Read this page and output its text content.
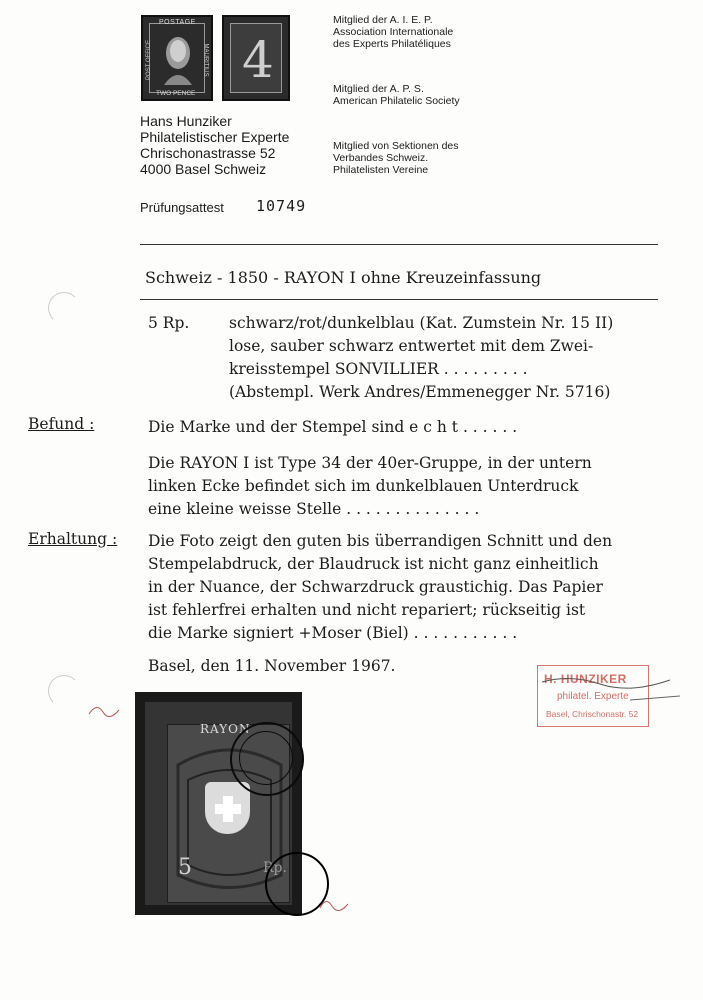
POSTAGE
POST OFFICE	MAURITIUS
TWO PENCE
4
Mitglied der A. I. E. P.
Association Internationale
des Experts Philatéliques
Mitglied der A. P. S.
American Philatelic Society
Mitglied von Sektionen des
Verbandes Schweiz.
Philatelisten Vereine
Hans Hunziker
Philatelistischer Experte
Chrischonastrasse 52
4000 Basel Schweiz
Prüfungsattest 10749
Schweiz - 1850 - RAYON I ohne Kreuzeinfassung
5 Rp.	schwarz/rot/dunkelblau (Kat. Zumstein Nr. 15 II)
lose, sauber schwarz entwertet mit dem Zwei-
kreisstempel SONVILLIER . . . . . . . . .
(Abstempl. Werk Andres/Emmenegger Nr. 5716)
Befund :	Die Marke und der Stempel sind e c h t . . . . . .
Die RAYON I ist Type 34 der 40er-Gruppe, in der untern
linken Ecke befindet sich im dunkelblauen Unterdruck
eine kleine weisse Stelle . . . . . . . . . . . . . .
Erhaltung : Die Foto zeigt den guten bis überrandigen Schnitt und den
Stempelabdruck, der Blaudruck ist nicht ganz einheitlich
in der Nuance, der Schwarzdruck graustichig. Das Papier
ist fehlerfrei erhalten und nicht repariert; rückseitig ist
die Marke signiert +Moser (Biel) . . . . . . . . . . .
Basel, den 11. November 1967.
H. HUNZIKER
philatel. Experte
Basel, Chrischonastr. 52
RAYON
5	Rp.
